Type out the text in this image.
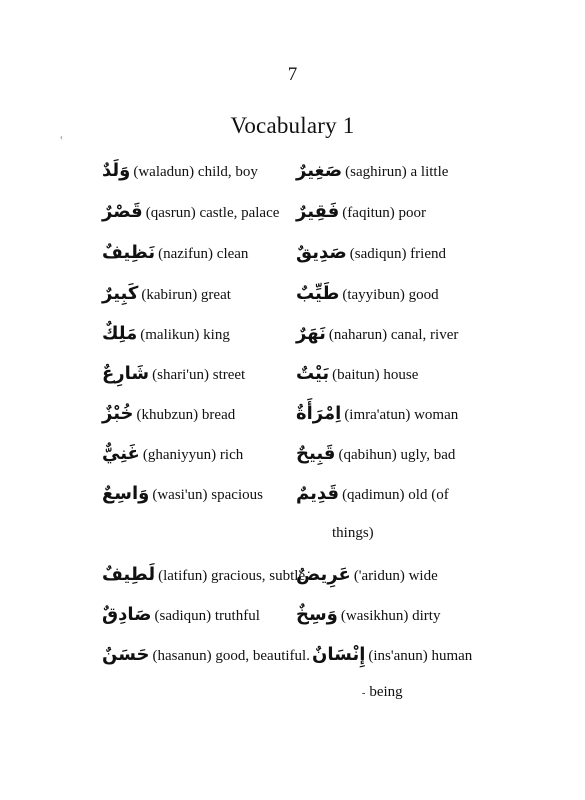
‹
7
Vocabulary 1
وَلَدٌ (waladun) child, boy
قَصْرٌ (qasrun) castle, palace
نَظِيفٌ (nazifun) clean
كَبِيرٌ (kabirun) great
مَلِكٌ (malikun) king
شَارِعٌ (shari'un) street
خُبْزٌ (khubzun) bread
غَنِيٌّ (ghaniyyun) rich
وَاسِعٌ (wasi'un) spacious
لَطِيفٌ (latifun) gracious, subtle
صَادِقٌ (sadiqun) truthful
حَسَنٌ (hasanun) good, beautiful.
صَغِيرٌ (saghirun) a little
فَقِيرٌ (faqitun) poor
صَدِيقٌ (sadiqun) friend
طَيِّبٌ (tayyibun) good
نَهَرٌ (naharun) canal, river
بَيْتٌ (baitun) house
اِمْرَأَةٌ (imra'atun) woman
قَبِيحٌ (qabihun) ugly, bad
قَدِيمٌ (qadimun) old (of
things)
عَرِيضٌ ('aridun) wide
وَسِخٌ (wasikhun) dirty
إِنْسَانٌ (ins'anun) human
- being
